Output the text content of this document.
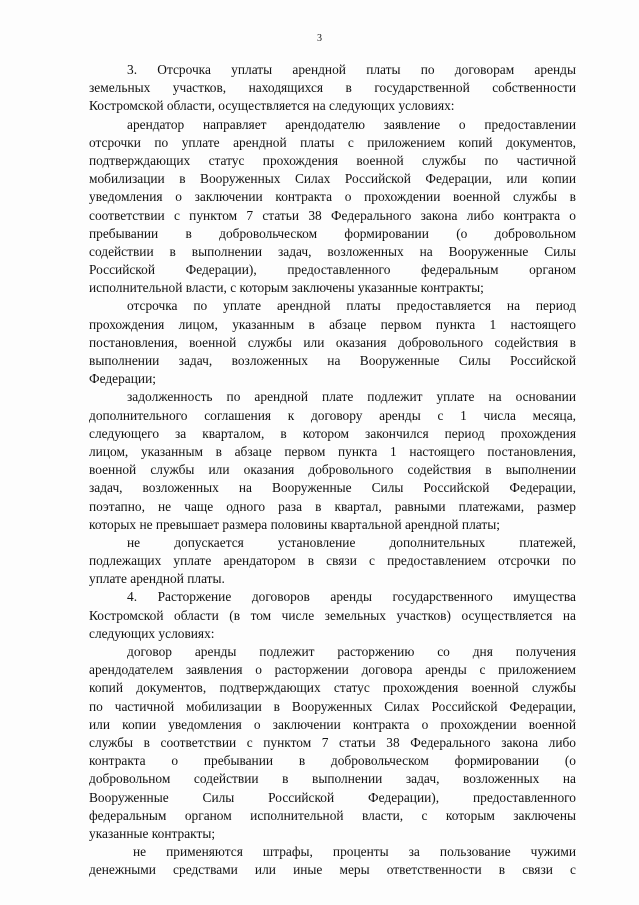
3
3. Отсрочка уплаты арендной платы по договорам аренды
земельных участков, находящихся в государственной собственности
Костромской области, осуществляется на следующих условиях:
арендатор направляет арендодателю заявление о предоставлении
отсрочки по уплате арендной платы с приложением копий документов,
подтверждающих статус прохождения военной службы по частичной
мобилизации в Вооруженных Силах Российской Федерации, или копии
уведомления о заключении контракта о прохождении военной службы в
соответствии с пунктом 7 статьи 38 Федерального закона либо контракта о
пребывании в добровольческом формировании (о добровольном
содействии в выполнении задач, возложенных на Вооруженные Силы
Российской Федерации), предоставленного федеральным органом
исполнительной власти, с которым заключены указанные контракты;
отсрочка по уплате арендной платы предоставляется на период
прохождения лицом, указанным в абзаце первом пункта 1 настоящего
постановления, военной службы или оказания добровольного содействия в
выполнении задач, возложенных на Вооруженные Силы Российской
Федерации;
задолженность по арендной плате подлежит уплате на основании
дополнительного соглашения к договору аренды с 1 числа месяца,
следующего за кварталом, в котором закончился период прохождения
лицом, указанным в абзаце первом пункта 1 настоящего постановления,
военной службы или оказания добровольного содействия в выполнении
задач, возложенных на Вооруженные Силы Российской Федерации,
поэтапно, не чаще одного раза в квартал, равными платежами, размер
которых не превышает размера половины квартальной арендной платы;
не допускается установление дополнительных платежей,
подлежащих уплате арендатором в связи с предоставлением отсрочки по
уплате арендной платы.
4. Расторжение договоров аренды государственного имущества
Костромской области (в том числе земельных участков) осуществляется на
следующих условиях:
договор аренды подлежит расторжению со дня получения
арендодателем заявления о расторжении договора аренды с приложением
копий документов, подтверждающих статус прохождения военной службы
по частичной мобилизации в Вооруженных Силах Российской Федерации,
или копии уведомления о заключении контракта о прохождении военной
службы в соответствии с пунктом 7 статьи 38 Федерального закона либо
контракта о пребывании в добровольческом формировании (о
добровольном содействии в выполнении задач, возложенных на
Вооруженные Силы Российской Федерации), предоставленного
федеральным органом исполнительной власти, с которым заключены
указанные контракты;
не применяются штрафы, проценты за пользование чужими
денежными средствами или иные меры ответственности в связи с
